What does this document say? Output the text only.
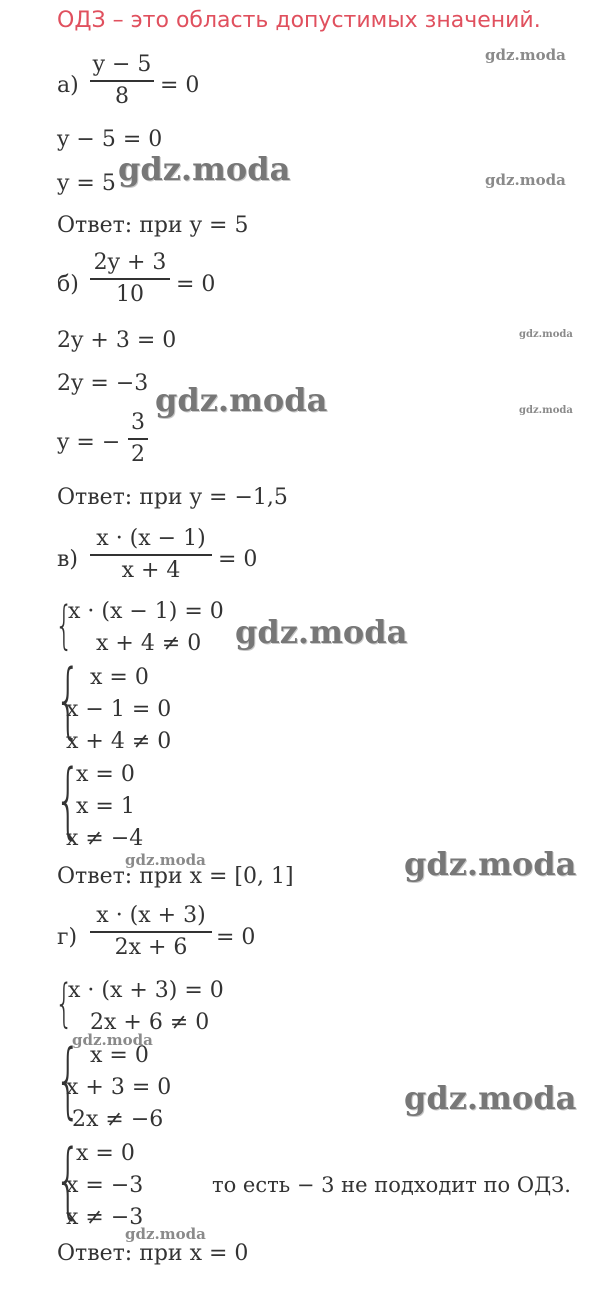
ОДЗ – это область допустимых значений.
а)
y − 5
8 = 0
y − 5 = 0
y = 5
Ответ: при y = 5
б)
2y + 3
10 = 0
2y + 3 = 0
2y = −3
y = −
3
2
Ответ: при y = −1,5
в)
x · (x − 1)
x + 4 = 0
{
x · (x − 1) = 0
x + 4 ≠ 0
{ x = 0
x − 1 = 0
x + 4 ≠ 0
{
x = 0
x = 1
x ≠ −4
Ответ: при x = [0, 1]
г)
x · (x + 3)
2x + 6 = 0
{
x · (x + 3) = 0
2x + 6 ≠ 0
{ x = 0
x + 3 = 0
2x ≠ −6
{
x = 0
x = −3
x ≠ −3
то есть − 3 не подходит по ОДЗ.
Ответ: при x = 0
gdz.moda
gdz.moda	gdz.moda
gdz.moda
gdz.moda	gdz.moda
gdz.moda
gdz.moda	gdz.moda
gdz.moda
gdz.moda
gdz.moda
